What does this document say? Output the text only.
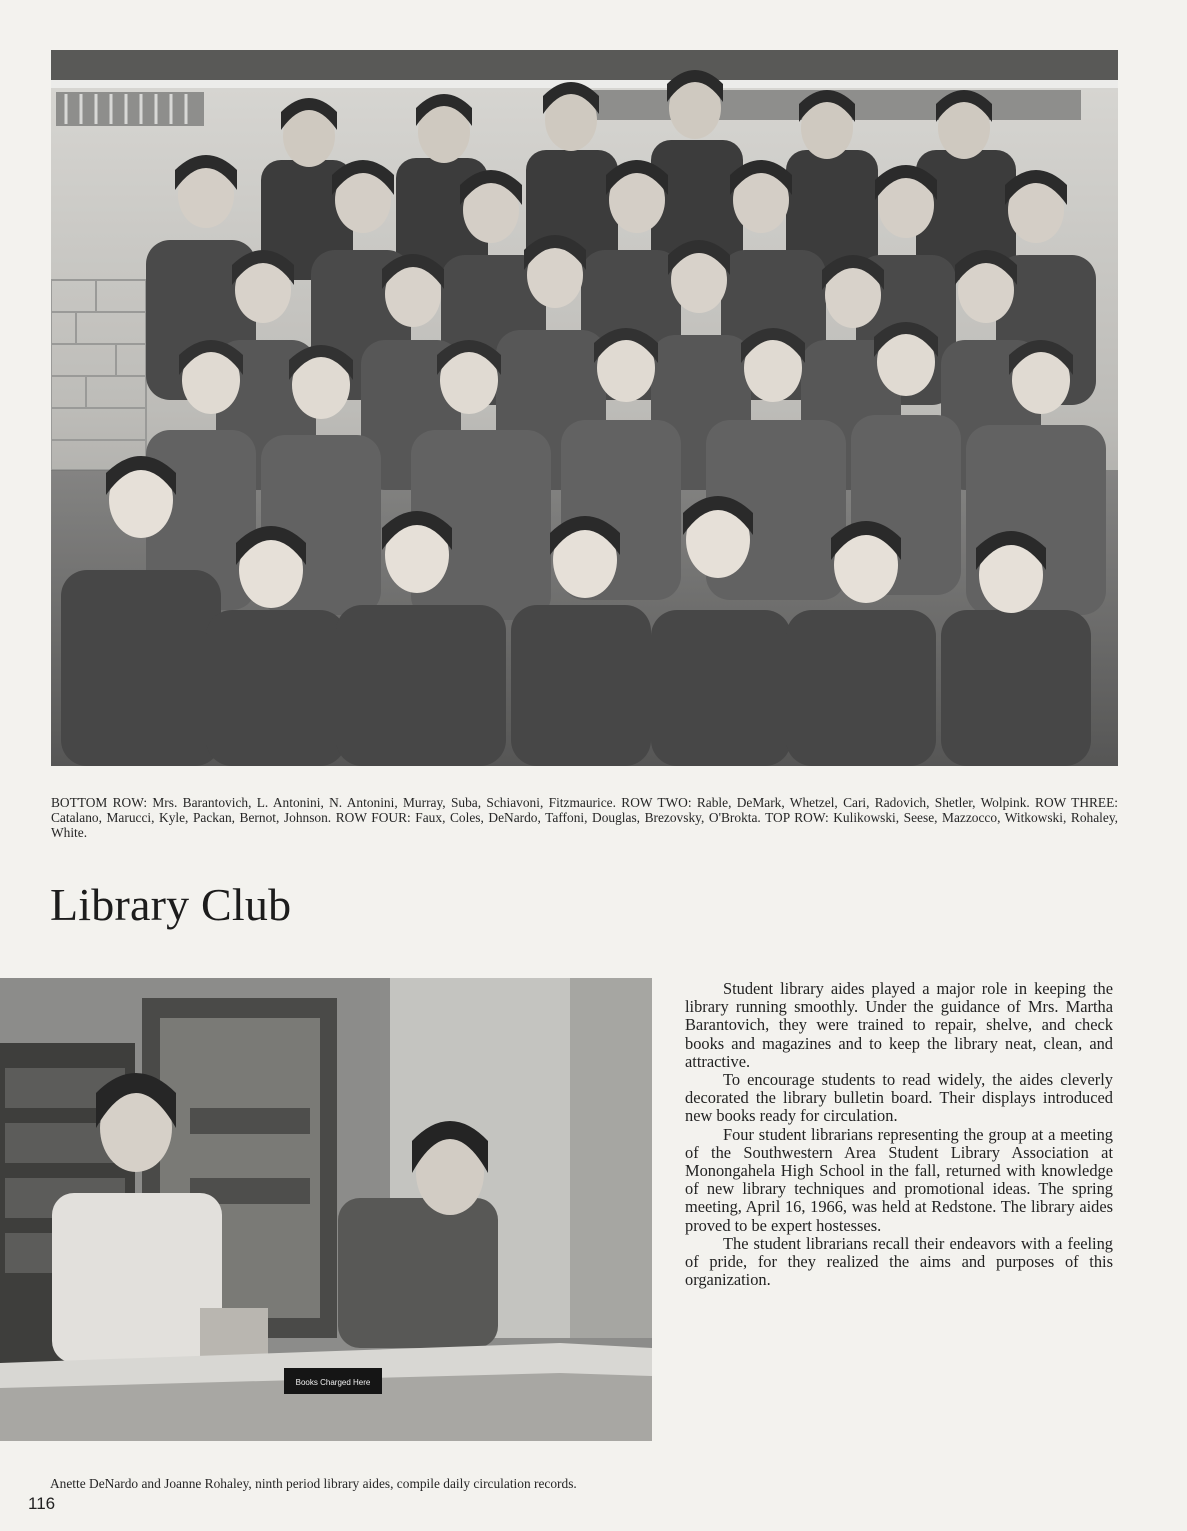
BOTTOM ROW: Mrs. Barantovich, L. Antonini, N. Antonini, Murray, Suba, Schiavoni, Fitzmaurice. ROW TWO: Rable, DeMark, Whetzel, Cari, Radovich, Shetler, Wolpink. ROW THREE: Catalano, Marucci, Kyle, Packan, Bernot, Johnson. ROW FOUR: Faux, Coles, DeNardo, Taffoni, Douglas, Brezovsky, O'Brokta. TOP ROW: Kulikowski, Seese, Mazzocco, Witkowski, Rohaley, White.

Library Club
Books Charged Here

Student library aides played a major role in keeping the library running smoothly. Under the guidance of Mrs. Martha Barantovich, they were trained to repair, shelve, and check books and magazines and to keep the library neat, clean, and attractive.

To encourage students to read widely, the aides cleverly decorated the library bulletin board. Their displays introduced new books ready for circulation.

Four student librarians representing the group at a meeting of the Southwestern Area Student Library Association at Monongahela High School in the fall, returned with knowledge of new library techniques and promotional ideas. The spring meeting, April 16, 1966, was held at Redstone. The library aides proved to be expert hostesses.

The student librarians recall their endeavors with a feeling of pride, for they realized the aims and purposes of this organization.

Anette DeNardo and Joanne Rohaley, ninth period library aides, compile daily circulation records.

116
